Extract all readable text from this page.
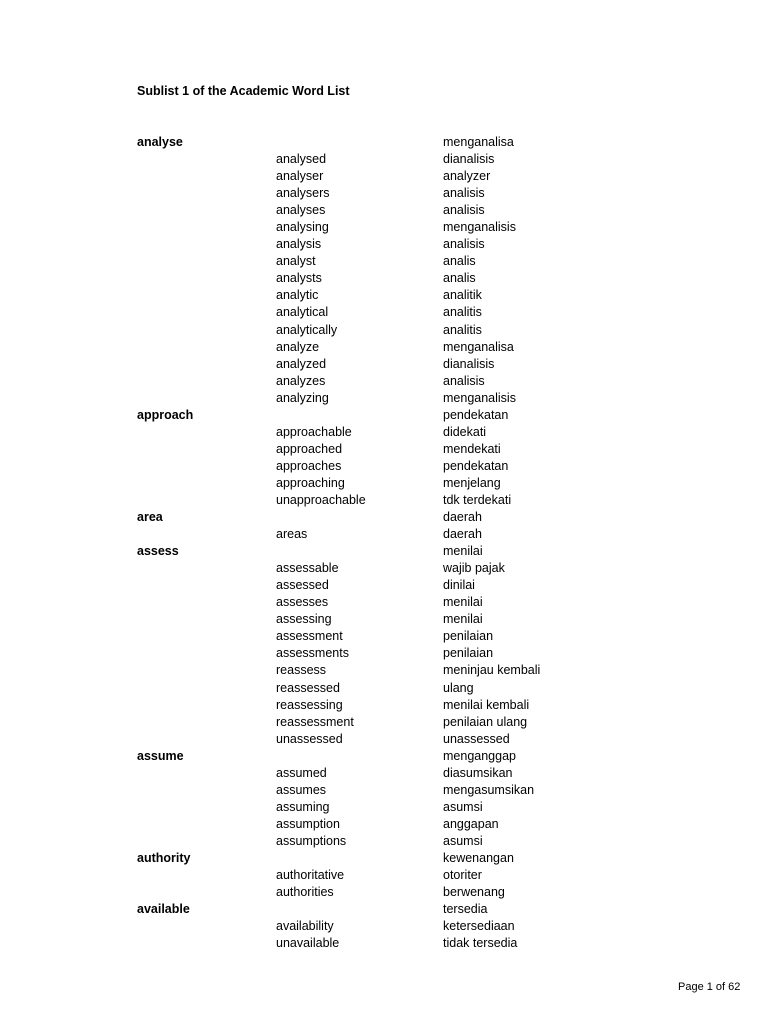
Sublist 1 of the Academic Word List
analyse	menganalisa
analysed	dianalisis
analyser	analyzer
analysers	analisis
analyses	analisis
analysing	menganalisis
analysis	analisis
analyst	analis
analysts	analis
analytic	analitik
analytical	analitis
analytically	analitis
analyze	menganalisa
analyzed	dianalisis
analyzes	analisis
analyzing	menganalisis
approach	pendekatan
approachable	didekati
approached	mendekati
approaches	pendekatan
approaching	menjelang
unapproachable	tdk terdekati
area	daerah
areas	daerah
assess	menilai
assessable	wajib pajak
assessed	dinilai
assesses	menilai
assessing	menilai
assessment	penilaian
assessments	penilaian
reassess	meninjau kembali
reassessed	ulang
reassessing	menilai kembali
reassessment	penilaian ulang
unassessed	unassessed
assume	menganggap
assumed	diasumsikan
assumes	mengasumsikan
assuming	asumsi
assumption	anggapan
assumptions	asumsi
authority	kewenangan
authoritative	otoriter
authorities	berwenang
available	tersedia
availability	ketersediaan
unavailable	tidak tersedia
Page 1 of 62
